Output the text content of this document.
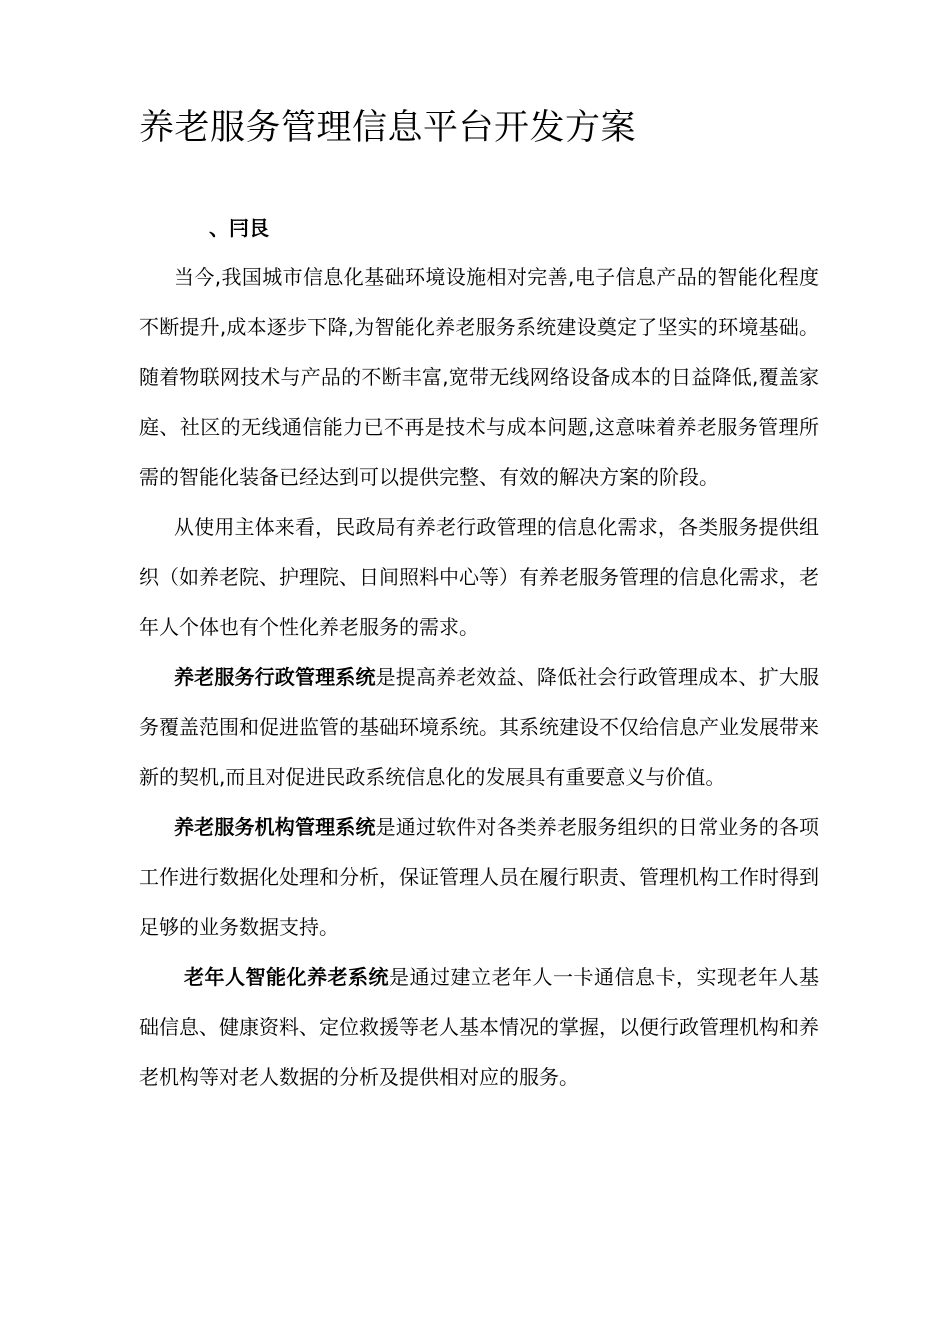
养老服务管理信息平台开发方案
、冃艮

当今,我国城市信息化基础环境设施相对完善,电子信息产品的智能化程度不断提升,成本逐步下降,为智能化养老服务系统建设奠定了坚实的环境基础。随着物联网技术与产品的不断丰富,宽带无线网络设备成本的日益降低,覆盖家庭、社区的无线通信能力已不再是技术与成本问题,这意味着养老服务管理所需的智能化装备已经达到可以提供完整、有效的解决方案的阶段。

从使用主体来看，民政局有养老行政管理的信息化需求，各类服务提供组织（如养老院、护理院、日间照料中心等）有养老服务管理的信息化需求，老年人个体也有个性化养老服务的需求。

养老服务行政管理系统是提高养老效益、降低社会行政管理成本、扩大服务覆盖范围和促进监管的基础环境系统。其系统建设不仅给信息产业发展带来新的契机,而且对促进民政系统信息化的发展具有重要意义与价值。

养老服务机构管理系统是通过软件对各类养老服务组织的日常业务的各项工作进行数据化处理和分析，保证管理人员在履行职责、管理机构工作时得到足够的业务数据支持。

老年人智能化养老系统是通过建立老年人一卡通信息卡，实现老年人基础信息、健康资料、定位救援等老人基本情况的掌握，以便行政管理机构和养老机构等对老人数据的分析及提供相对应的服务。
